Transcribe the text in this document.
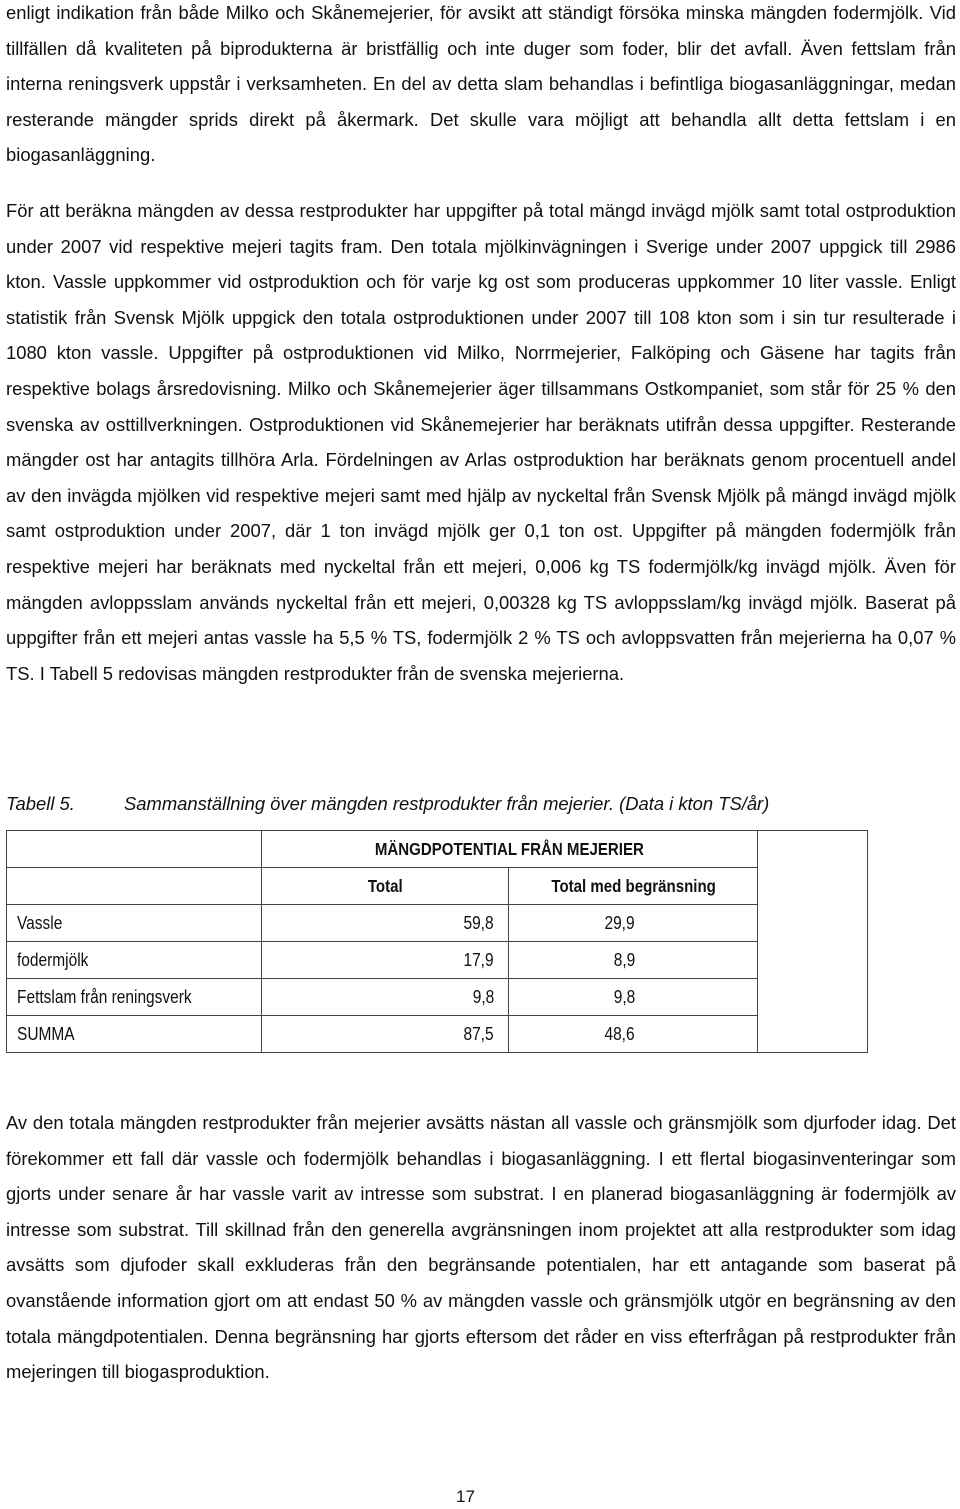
enligt indikation från både Milko och Skånemejerier, för avsikt att ständigt försöka minska mängden fodermjölk. Vid tillfällen då kvaliteten på biprodukterna är bristfällig och inte duger som foder, blir det avfall. Även fettslam från interna reningsverk uppstår i verksamheten. En del av detta slam behandlas i befintliga biogasanläggningar, medan resterande mängder sprids direkt på åkermark. Det skulle vara möjligt att behandla allt detta fettslam i en biogasanläggning.

För att beräkna mängden av dessa restprodukter har uppgifter på total mängd invägd mjölk samt total ostproduktion under 2007 vid respektive mejeri tagits fram. Den totala mjölkinvägningen i Sverige under 2007 uppgick till 2986 kton. Vassle uppkommer vid ostproduktion och för varje kg ost som produceras uppkommer 10 liter vassle. Enligt statistik från Svensk Mjölk uppgick den totala ostproduktionen under 2007 till 108 kton som i sin tur resulterade i 1080 kton vassle. Uppgifter på ostproduktionen vid Milko, Norrmejerier, Falköping och Gäsene har tagits från respektive bolags årsredovisning. Milko och Skånemejerier äger tillsammans Ostkompaniet, som står för 25 % den svenska av osttillverkningen. Ostproduktionen vid Skånemejerier har beräknats utifrån dessa uppgifter. Resterande mängder ost har antagits tillhöra Arla. Fördelningen av Arlas ostproduktion har beräknats genom procentuell andel av den invägda mjölken vid respektive mejeri samt med hjälp av nyckeltal från Svensk Mjölk på mängd invägd mjölk samt ostproduktion under 2007, där 1 ton invägd mjölk ger 0,1 ton ost. Uppgifter på mängden fodermjölk från respektive mejeri har beräknats med nyckeltal från ett mejeri, 0,006 kg TS fodermjölk/kg invägd mjölk. Även för mängden avloppsslam används nyckeltal från ett mejeri, 0,00328 kg TS avloppsslam/kg invägd mjölk. Baserat på uppgifter från ett mejeri antas vassle ha 5,5 % TS, fodermjölk 2 % TS och avloppsvatten från mejerierna ha 0,07 % TS. I Tabell 5 redovisas mängden restprodukter från de svenska mejerierna.

Tabell 5.	Sammanställning över mängden restprodukter från mejerier. (Data i kton TS/år)
	MÄNGDPOTENTIAL FRÅN MEJERIER		
	Total	Total med begränsning	
Vassle	59,8	29,9	
fodermjölk	17,9	8,9	
Fettslam från reningsverk	9,8	9,8	
SUMMA	87,5	48,6	

Av den totala mängden restprodukter från mejerier avsätts nästan all vassle och gränsmjölk som djurfoder idag. Det förekommer ett fall där vassle och fodermjölk behandlas i biogasanläggning. I ett flertal biogasinventeringar som gjorts under senare år har vassle varit av intresse som substrat. I en planerad biogasanläggning är fodermjölk av intresse som substrat. Till skillnad från den generella avgränsningen inom projektet att alla restprodukter som idag avsätts som djufoder skall exkluderas från den begränsande potentialen, har ett antagande som baserat på ovanstående information gjort om att endast 50 % av mängden vassle och gränsmjölk utgör en begränsning av den totala mängdpotentialen. Denna begränsning har gjorts eftersom det råder en viss efterfrågan på restprodukter från mejeringen till biogasproduktion.

17
